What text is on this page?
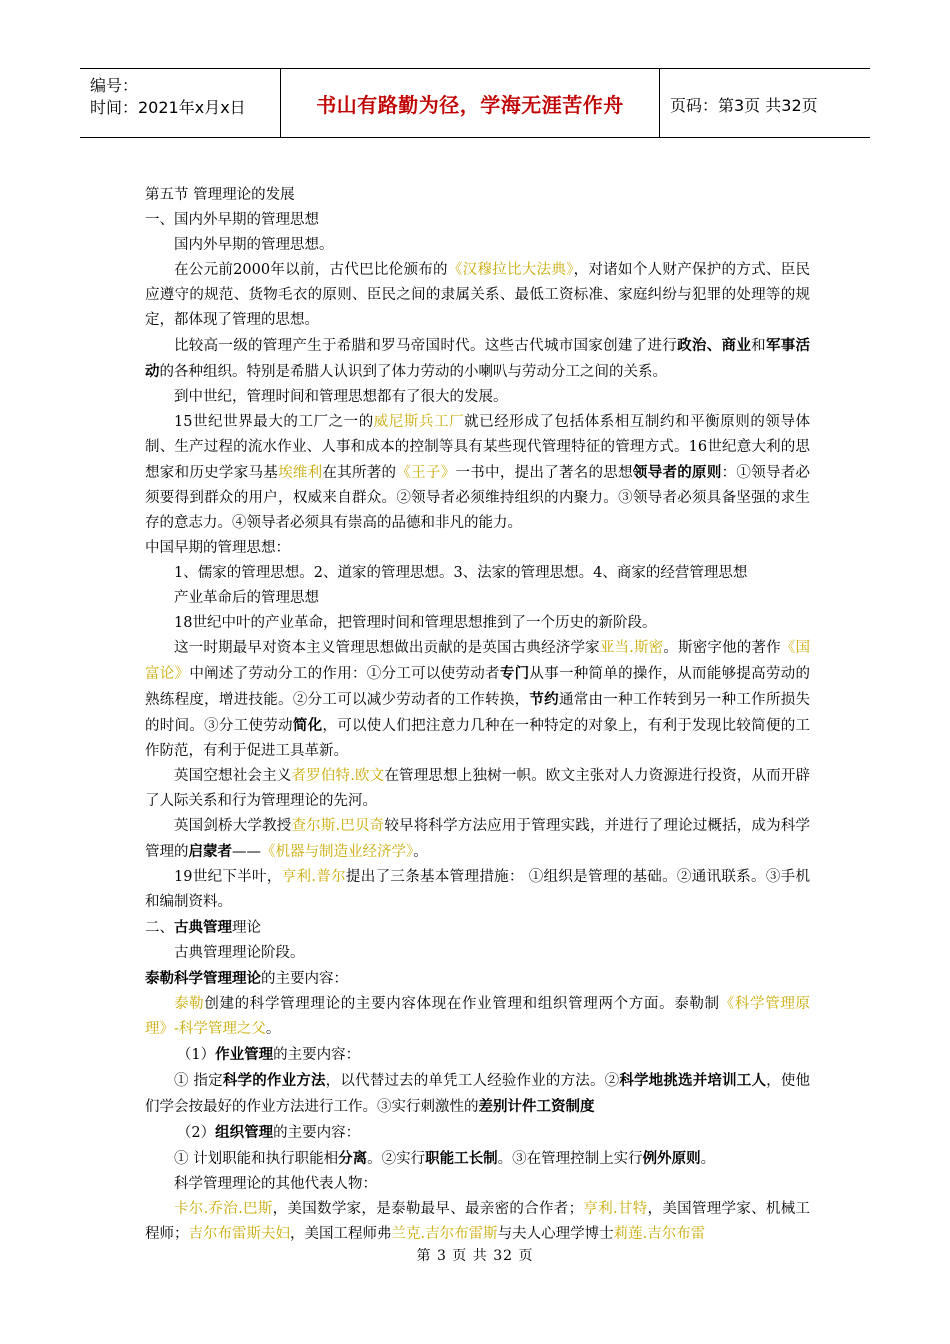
编号：
时间：2021年x月x日	书山有路勤为径，学海无涯苦作舟	页码：第3页 共32页

第五节 管理理论的发展

一、国内外早期的管理思想

国内外早期的管理思想。

在公元前2000年以前，古代巴比伦颁布的《汉穆拉比大法典》，对诸如个人财产保护的方式、臣民应遵守的规范、货物毛衣的原则、臣民之间的隶属关系、最低工资标准、家庭纠纷与犯罪的处理等的规定，都体现了管理的思想。

比较高一级的管理产生于希腊和罗马帝国时代。这些古代城市国家创建了进行政治、商业和军事活动的各种组织。特别是希腊人认识到了体力劳动的小喇叭与劳动分工之间的关系。

到中世纪，管理时间和管理思想都有了很大的发展。

15世纪世界最大的工厂之一的威尼斯兵工厂就已经形成了包括体系相互制约和平衡原则的领导体制、生产过程的流水作业、人事和成本的控制等具有某些现代管理特征的管理方式。16世纪意大利的思想家和历史学家马基埃维利在其所著的《王子》一书中，提出了著名的思想领导者的原则：①领导者必须要得到群众的用户，权威来自群众。②领导者必须维持组织的内聚力。③领导者必须具备坚强的求生存的意志力。④领导者必须具有崇高的品德和非凡的能力。

中国早期的管理思想：

1、儒家的管理思想。2、道家的管理思想。3、法家的管理思想。4、商家的经营管理思想

产业革命后的管理思想

18世纪中叶的产业革命，把管理时间和管理思想推到了一个历史的新阶段。

这一时期最早对资本主义管理思想做出贡献的是英国古典经济学家亚当.斯密。斯密字他的著作《国富论》中阐述了劳动分工的作用：①分工可以使劳动者专门从事一种简单的操作，从而能够提高劳动的熟练程度，增进技能。②分工可以减少劳动者的工作转换，节约通常由一种工作转到另一种工作所损失的时间。③分工使劳动简化，可以使人们把注意力几种在一种特定的对象上，有利于发现比较简便的工作防范，有利于促进工具革新。

英国空想社会主义者罗伯特.欧文在管理思想上独树一帜。欧文主张对人力资源进行投资，从而开辟了人际关系和行为管理理论的先河。

英国剑桥大学教授查尔斯.巴贝奇较早将科学方法应用于管理实践，并进行了理论过概括，成为科学管理的启蒙者——《机器与制造业经济学》。

19世纪下半叶，亨利.普尔提出了三条基本管理措施： ①组织是管理的基础。②通讯联系。③手机和编制资料。

二、古典管理理论

古典管理理论阶段。

泰勒科学管理理论的主要内容：

泰勒创建的科学管理理论的主要内容体现在作业管理和组织管理两个方面。泰勒制《科学管理原理》-科学管理之父。

（1）作业管理的主要内容：

① 指定科学的作业方法，以代替过去的单凭工人经验作业的方法。②科学地挑选并培训工人，使他们学会按最好的作业方法进行工作。③实行刺激性的差别计件工资制度

（2）组织管理的主要内容：

① 计划职能和执行职能相分离。②实行职能工长制。③在管理控制上实行例外原则。

科学管理理论的其他代表人物：

卡尔.乔治.巴斯，美国数学家，是泰勒最早、最亲密的合作者；亨利.甘特，美国管理学家、机械工程师；吉尔布雷斯夫妇，美国工程师弗兰克.吉尔布雷斯与夫人心理学博士莉莲.吉尔布雷

第 3 页 共 32 页
